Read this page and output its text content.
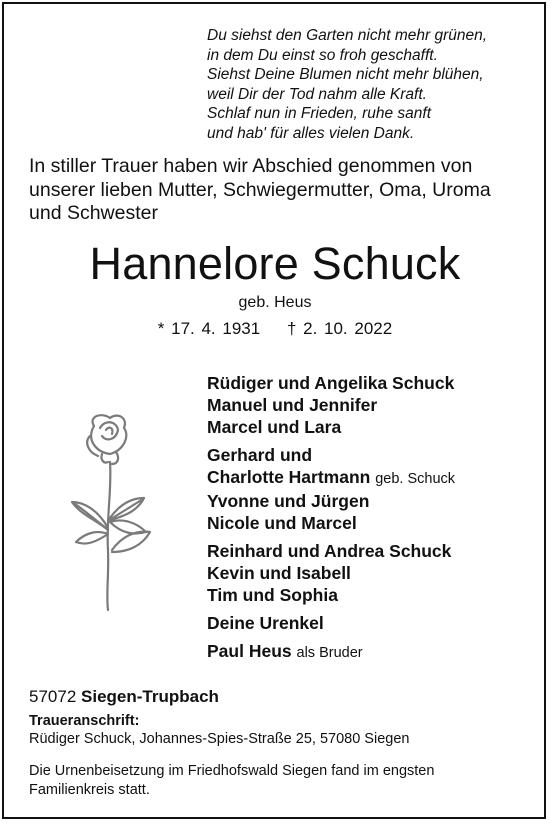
Du siehst den Garten nicht mehr grünen,
in dem Du einst so froh geschafft.
Siehst Deine Blumen nicht mehr blühen,
weil Dir der Tod nahm alle Kraft.
Schlaf nun in Frieden, ruhe sanft
und hab' für alles vielen Dank.
In stiller Trauer haben wir Abschied genommen von
unserer lieben Mutter, Schwiegermutter, Oma, Uroma
und Schwester
Hannelore Schuck
geb. Heus
* 17. 4. 1931 † 2. 10. 2022
Rüdiger und Angelika Schuck
Manuel und Jennifer
Marcel und Lara
Gerhard und
Charlotte Hartmann geb. Schuck
Yvonne und Jürgen
Nicole und Marcel
Reinhard und Andrea Schuck
Kevin und Isabell
Tim und Sophia
Deine Urenkel
Paul Heus als Bruder
57072 Siegen-Trupbach
Traueranschrift:
Rüdiger Schuck, Johannes-Spies-Straße 25, 57080 Siegen
Die Urnenbeisetzung im Friedhofswald Siegen fand im engsten Familienkreis statt.
